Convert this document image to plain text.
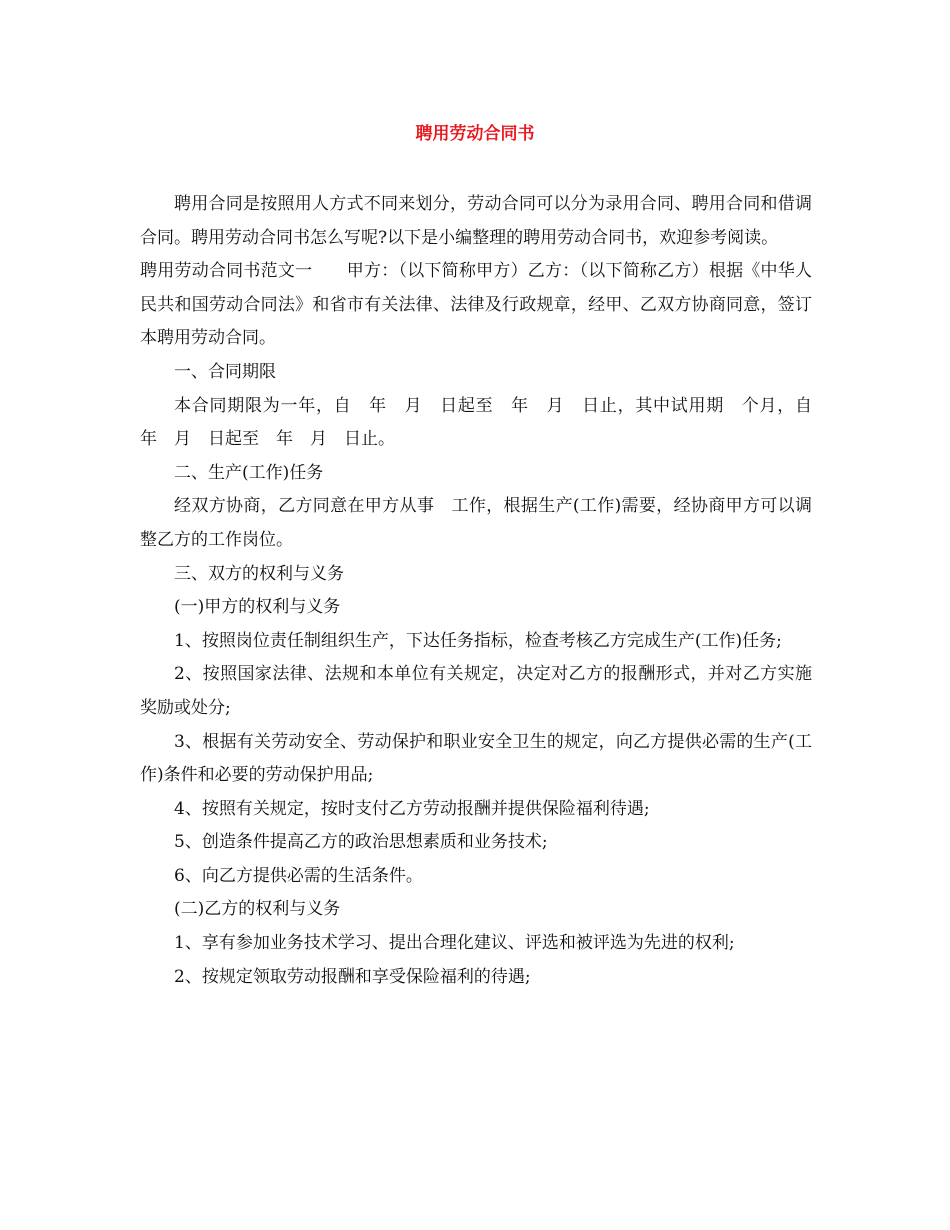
聘用劳动合同书

聘用合同是按照用人方式不同来划分，劳动合同可以分为录用合同、聘用合同和借调合同。聘用劳动合同书怎么写呢?以下是小编整理的聘用劳动合同书，欢迎参考阅读。

聘用劳动合同书范文一　　甲方：（以下简称甲方）乙方：（以下简称乙方）根据《中华人民共和国劳动合同法》和省市有关法律、法律及行政规章，经甲、乙双方协商同意，签订本聘用劳动合同。

一、合同期限

本合同期限为一年，自　年　月　日起至　年　月　日止，其中试用期　个月，自　年　月　日起至　年　月　日止。

二、生产(工作)任务

经双方协商，乙方同意在甲方从事　工作，根据生产(工作)需要，经协商甲方可以调整乙方的工作岗位。

三、双方的权利与义务

(一)甲方的权利与义务

1、按照岗位责任制组织生产，下达任务指标，检查考核乙方完成生产(工作)任务;

2、按照国家法律、法规和本单位有关规定，决定对乙方的报酬形式，并对乙方实施奖励或处分;

3、根据有关劳动安全、劳动保护和职业安全卫生的规定，向乙方提供必需的生产(工作)条件和必要的劳动保护用品;

4、按照有关规定，按时支付乙方劳动报酬并提供保险福利待遇;

5、创造条件提高乙方的政治思想素质和业务技术;

6、向乙方提供必需的生活条件。

(二)乙方的权利与义务

1、享有参加业务技术学习、提出合理化建议、评选和被评选为先进的权利;

2、按规定领取劳动报酬和享受保险福利的待遇;
